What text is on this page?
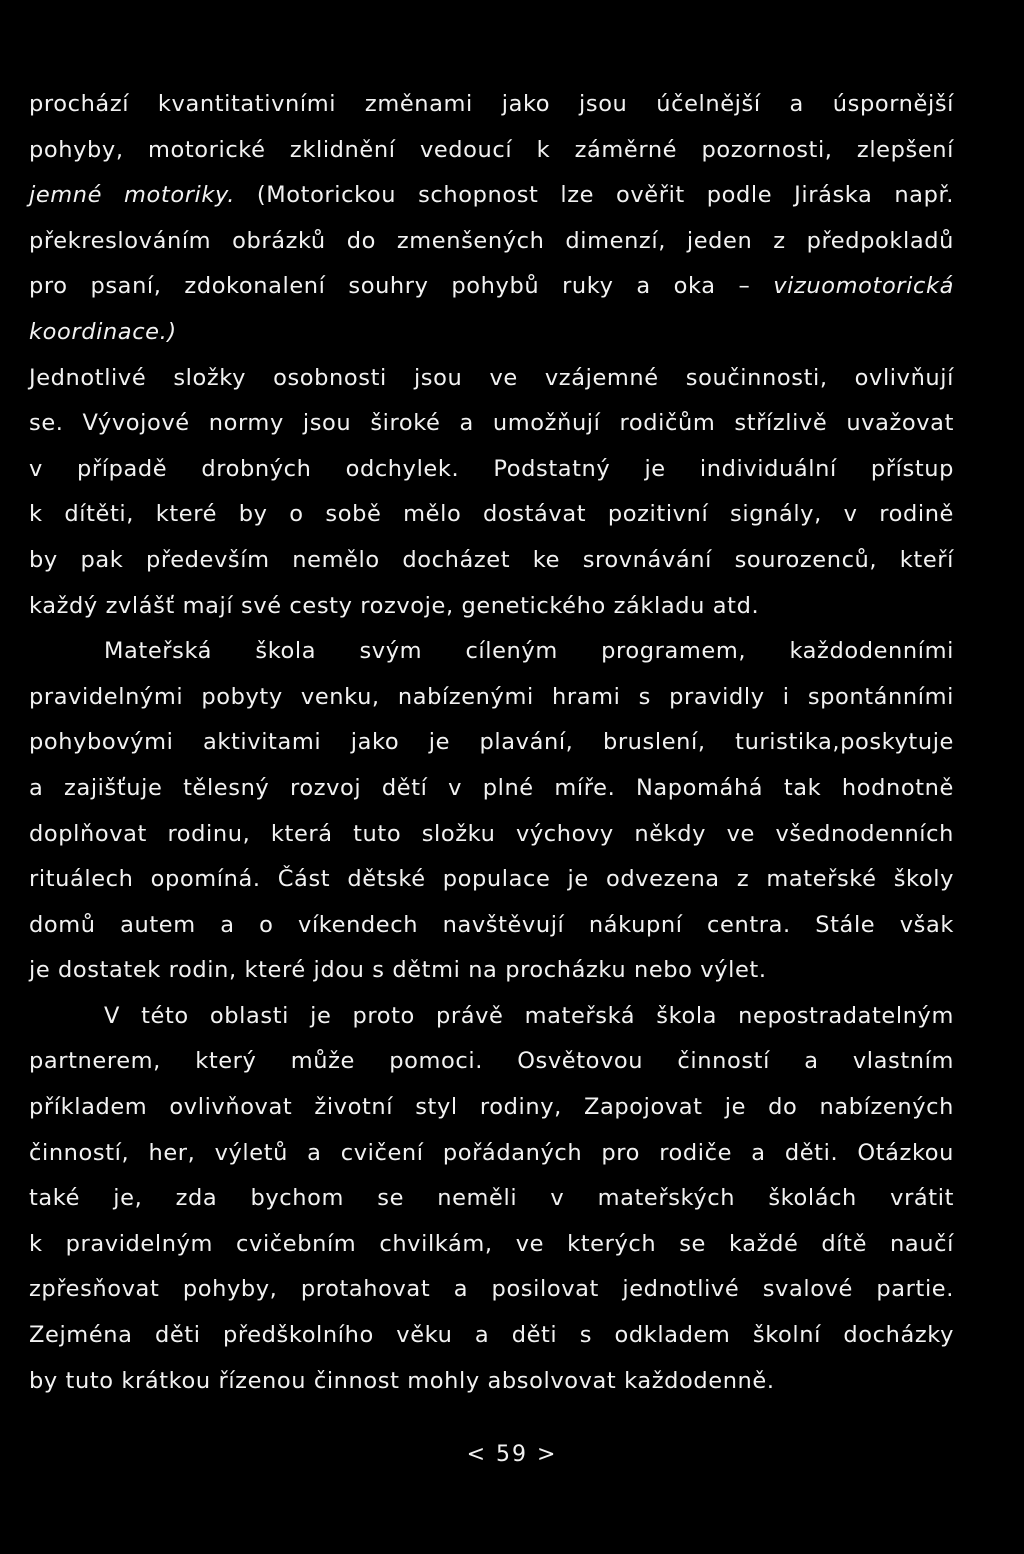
prochází kvantitativními změnami jako jsou účelnější a úspornější
pohyby, motorické zklidnění vedoucí k záměrné pozornosti, zlepšení
jemné motoriky. (Motorickou schopnost lze ověřit podle Jiráska např.
překreslováním obrázků do zmenšených dimenzí, jeden z předpokladů
pro psaní, zdokonalení souhry pohybů ruky a oka – vizuomotorická
koordinace.)
Jednotlivé složky osobnosti jsou ve vzájemné součinnosti, ovlivňují
se. Vývojové normy jsou široké a umožňují rodičům střízlivě uvažovat
v případě drobných odchylek. Podstatný je individuální přístup
k dítěti, které by o sobě mělo dostávat pozitivní signály, v rodině
by pak především nemělo docházet ke srovnávání sourozenců, kteří
každý zvlášť mají své cesty rozvoje, genetického základu atd.
Mateřská škola svým cíleným programem, každodenními
pravidelnými pobyty venku, nabízenými hrami s pravidly i spontánními
pohybovými aktivitami jako je plavání, bruslení, turistika,poskytuje
a zajišťuje tělesný rozvoj dětí v plné míře. Napomáhá tak hodnotně
doplňovat rodinu, která tuto složku výchovy někdy ve všednodenních
rituálech opomíná. Část dětské populace je odvezena z mateřské školy
domů autem a o víkendech navštěvují nákupní centra. Stále však
je dostatek rodin, které jdou s dětmi na procházku nebo výlet.
V této oblasti je proto právě mateřská škola nepostradatelným
partnerem, který může pomoci. Osvětovou činností a vlastním
příkladem ovlivňovat životní styl rodiny, Zapojovat je do nabízených
činností, her, výletů a cvičení pořádaných pro rodiče a děti. Otázkou
také je, zda bychom se neměli v mateřských školách vrátit
k pravidelným cvičebním chvilkám, ve kterých se každé dítě naučí
zpřesňovat pohyby, protahovat a posilovat jednotlivé svalové partie.
Zejména děti předškolního věku a děti s odkladem školní docházky
by tuto krátkou řízenou činnost mohly absolvovat každodenně.
< 59 >
